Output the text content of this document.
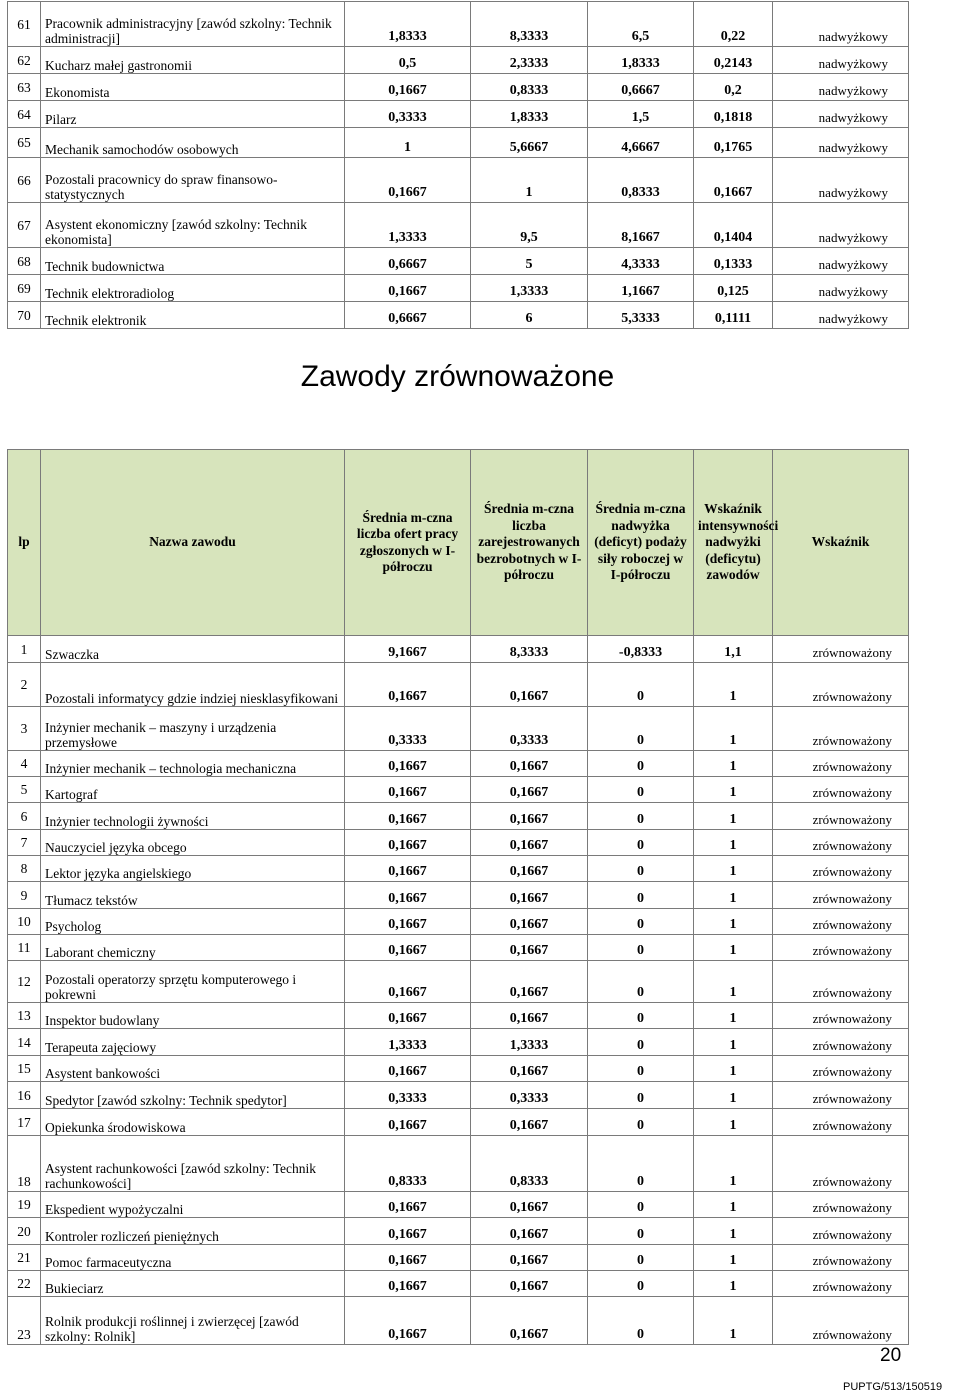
61	Pracownik administracyjny [zawód szkolny: Technik administracji]	1,8333	8,3333	6,5	0,22	nadwyżkowy
62	Kucharz małej gastronomii	0,5	2,3333	1,8333	0,2143	nadwyżkowy
63	Ekonomista	0,1667	0,8333	0,6667	0,2	nadwyżkowy
64	Pilarz	0,3333	1,8333	1,5	0,1818	nadwyżkowy
65	Mechanik samochodów osobowych	1	5,6667	4,6667	0,1765	nadwyżkowy
66	Pozostali pracownicy do spraw finansowo-statystycznych	0,1667	1	0,8333	0,1667	nadwyżkowy
67	Asystent ekonomiczny [zawód szkolny: Technik ekonomista]	1,3333	9,5	8,1667	0,1404	nadwyżkowy
68	Technik budownictwa	0,6667	5	4,3333	0,1333	nadwyżkowy
69	Technik elektroradiolog	0,1667	1,3333	1,1667	0,125	nadwyżkowy
70	Technik elektronik	0,6667	6	5,3333	0,1111	nadwyżkowy
Zawody zrównoważone
lp	Nazwa zawodu	Średnia m-czna liczba ofert pracy zgłoszonych w I-półroczu	Średnia m-czna liczba zarejestrowanych bezrobotnych w I-półroczu	Średnia m-czna nadwyżka (deficyt) podaży siły roboczej w I-półroczu	Wskaźnik intensywności nadwyżki (deficytu) zawodów	Wskaźnik
1	Szwaczka	9,1667	8,3333	-0,8333	1,1	zrównoważony
2	Pozostali informatycy gdzie indziej niesklasyfikowani	0,1667	0,1667	0	1	zrównoważony
3	Inżynier mechanik – maszyny i urządzenia przemysłowe	0,3333	0,3333	0	1	zrównoważony
4	Inżynier mechanik – technologia mechaniczna	0,1667	0,1667	0	1	zrównoważony
5	Kartograf	0,1667	0,1667	0	1	zrównoważony
6	Inżynier technologii żywności	0,1667	0,1667	0	1	zrównoważony
7	Nauczyciel języka obcego	0,1667	0,1667	0	1	zrównoważony
8	Lektor języka angielskiego	0,1667	0,1667	0	1	zrównoważony
9	Tłumacz tekstów	0,1667	0,1667	0	1	zrównoważony
10	Psycholog	0,1667	0,1667	0	1	zrównoważony
11	Laborant chemiczny	0,1667	0,1667	0	1	zrównoważony
12	Pozostali operatorzy sprzętu komputerowego i pokrewni	0,1667	0,1667	0	1	zrównoważony
13	Inspektor budowlany	0,1667	0,1667	0	1	zrównoważony
14	Terapeuta zajęciowy	1,3333	1,3333	0	1	zrównoważony
15	Asystent bankowości	0,1667	0,1667	0	1	zrównoważony
16	Spedytor [zawód szkolny: Technik spedytor]	0,3333	0,3333	0	1	zrównoważony
17	Opiekunka środowiskowa	0,1667	0,1667	0	1	zrównoważony
18	Asystent rachunkowości [zawód szkolny: Technik rachunkowości]	0,8333	0,8333	0	1	zrównoważony
19	Ekspedient wypożyczalni	0,1667	0,1667	0	1	zrównoważony
20	Kontroler rozliczeń pieniężnych	0,1667	0,1667	0	1	zrównoważony
21	Pomoc farmaceutyczna	0,1667	0,1667	0	1	zrównoważony
22	Bukieciarz	0,1667	0,1667	0	1	zrównoważony
23	Rolnik produkcji roślinnej i zwierzęcej [zawód szkolny: Rolnik]	0,1667	0,1667	0	1	zrównoważony
20
PUPTG/513/150519
